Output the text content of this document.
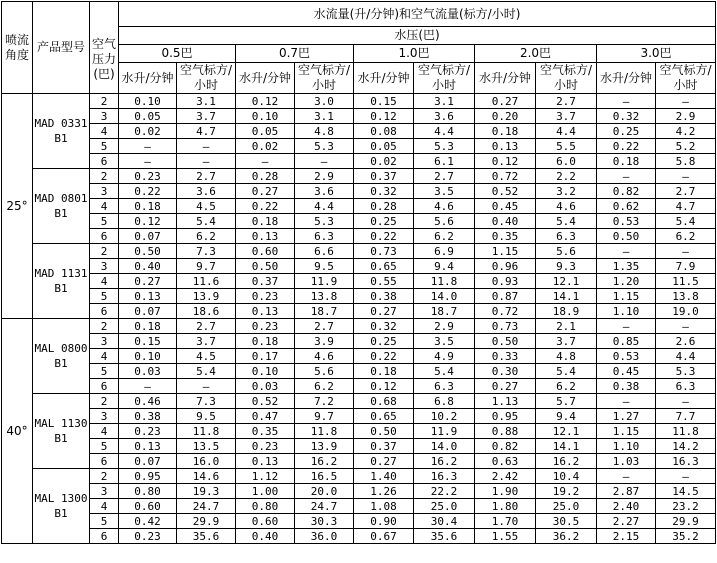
喷流角度	产品型号		水流量(升/分钟)和空气流量(标方/小时)									
		空气压力(巴)	水压(巴)									
			0.5巴		0.7巴		1.0巴		2.0巴		3.0巴	
			水升/分钟	空气标方/小时	水升/分钟	空气标方/小时	水升/分钟	空气标方/小时	水升/分钟	空气标方/小时	水升/分钟	空气标方/小时
25°	MAD 0331 B1	2	0.10	3.1	0.12	3.0	0.15	3.1	0.27	2.7	–	–
		3	0.05	3.7	0.10	3.1	0.12	3.6	0.20	3.7	0.32	2.9
		4	0.02	4.7	0.05	4.8	0.08	4.4	0.18	4.4	0.25	4.2
		5	–	–	0.02	5.3	0.05	5.3	0.13	5.5	0.22	5.2
		6	–	–	–	–	0.02	6.1	0.12	6.0	0.18	5.8
	MAD 0801 B1	2	0.23	2.7	0.28	2.9	0.37	2.7	0.72	2.2	–	–
		3	0.22	3.6	0.27	3.6	0.32	3.5	0.52	3.2	0.82	2.7
		4	0.18	4.5	0.22	4.4	0.28	4.6	0.45	4.6	0.62	4.7
		5	0.12	5.4	0.18	5.3	0.25	5.6	0.40	5.4	0.53	5.4
		6	0.07	6.2	0.13	6.3	0.22	6.2	0.35	6.3	0.50	6.2
	MAD 1131 B1	2	0.50	7.3	0.60	6.6	0.73	6.9	1.15	5.6	–	–
		3	0.40	9.7	0.50	9.5	0.65	9.4	0.96	9.3	1.35	7.9
		4	0.27	11.6	0.37	11.9	0.55	11.8	0.93	12.1	1.20	11.5
		5	0.13	13.9	0.23	13.8	0.38	14.0	0.87	14.1	1.15	13.8
		6	0.07	18.6	0.13	18.7	0.27	18.7	0.72	18.9	1.10	19.0
40°	MAL 0800 B1	2	0.18	2.7	0.23	2.7	0.32	2.9	0.73	2.1	–	–
		3	0.15	3.7	0.18	3.9	0.25	3.5	0.50	3.7	0.85	2.6
		4	0.10	4.5	0.17	4.6	0.22	4.9	0.33	4.8	0.53	4.4
		5	0.03	5.4	0.10	5.6	0.18	5.4	0.30	5.4	0.45	5.3
		6	–	–	0.03	6.2	0.12	6.3	0.27	6.2	0.38	6.3
	MAL 1130 B1	2	0.46	7.3	0.52	7.2	0.68	6.8	1.13	5.7	–	–
		3	0.38	9.5	0.47	9.7	0.65	10.2	0.95	9.4	1.27	7.7
		4	0.23	11.8	0.35	11.8	0.50	11.9	0.88	12.1	1.15	11.8
		5	0.13	13.5	0.23	13.9	0.37	14.0	0.82	14.1	1.10	14.2
		6	0.07	16.0	0.13	16.2	0.27	16.2	0.63	16.2	1.03	16.3
	MAL 1300 B1	2	0.95	14.6	1.12	16.5	1.40	16.3	2.42	10.4	–	–
		3	0.80	19.3	1.00	20.0	1.26	22.2	1.90	19.2	2.87	14.5
		4	0.60	24.7	0.80	24.7	1.08	25.0	1.80	25.0	2.40	23.2
		5	0.42	29.9	0.60	30.3	0.90	30.4	1.70	30.5	2.27	29.9
		6	0.23	35.6	0.40	36.0	0.67	35.6	1.55	36.2	2.15	35.2
